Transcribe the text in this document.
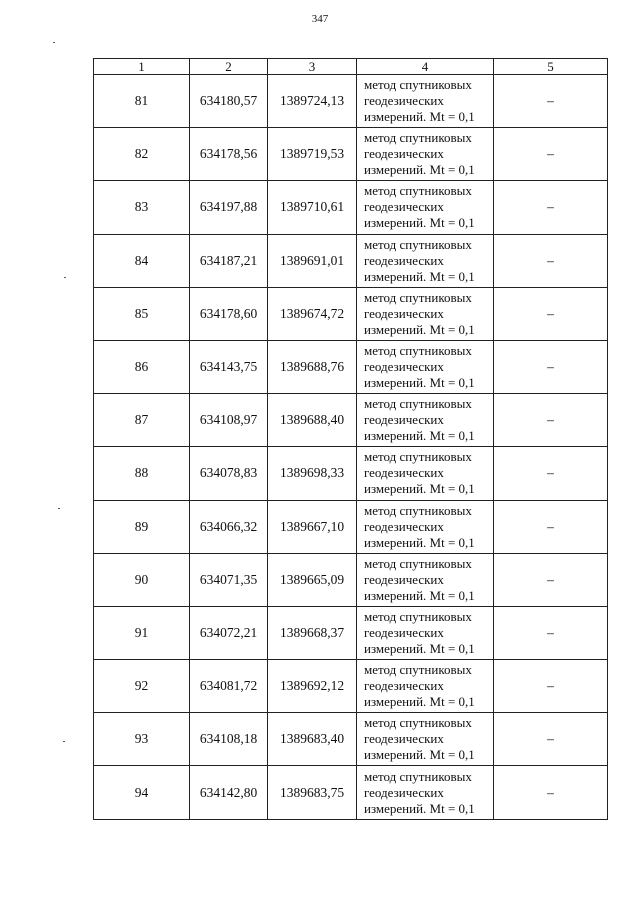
347
1	2	3	4	5
81	634180,57	1389724,13	метод спутниковых
геодезических
измерений. Mt = 0,1	–
82	634178,56	1389719,53	метод спутниковых
геодезических
измерений. Mt = 0,1	–
83	634197,88	1389710,61	метод спутниковых
геодезических
измерений. Mt = 0,1	–
84	634187,21	1389691,01	метод спутниковых
геодезических
измерений. Mt = 0,1	–
85	634178,60	1389674,72	метод спутниковых
геодезических
измерений. Mt = 0,1	–
86	634143,75	1389688,76	метод спутниковых
геодезических
измерений. Mt = 0,1	–
87	634108,97	1389688,40	метод спутниковых
геодезических
измерений. Mt = 0,1	–
88	634078,83	1389698,33	метод спутниковых
геодезических
измерений. Mt = 0,1	–
89	634066,32	1389667,10	метод спутниковых
геодезических
измерений. Mt = 0,1	–
90	634071,35	1389665,09	метод спутниковых
геодезических
измерений. Mt = 0,1	–
91	634072,21	1389668,37	метод спутниковых
геодезических
измерений. Mt = 0,1	–
92	634081,72	1389692,12	метод спутниковых
геодезических
измерений. Mt = 0,1	–
93	634108,18	1389683,40	метод спутниковых
геодезических
измерений. Mt = 0,1	–
94	634142,80	1389683,75	метод спутниковых
геодезических
измерений. Mt = 0,1	–
